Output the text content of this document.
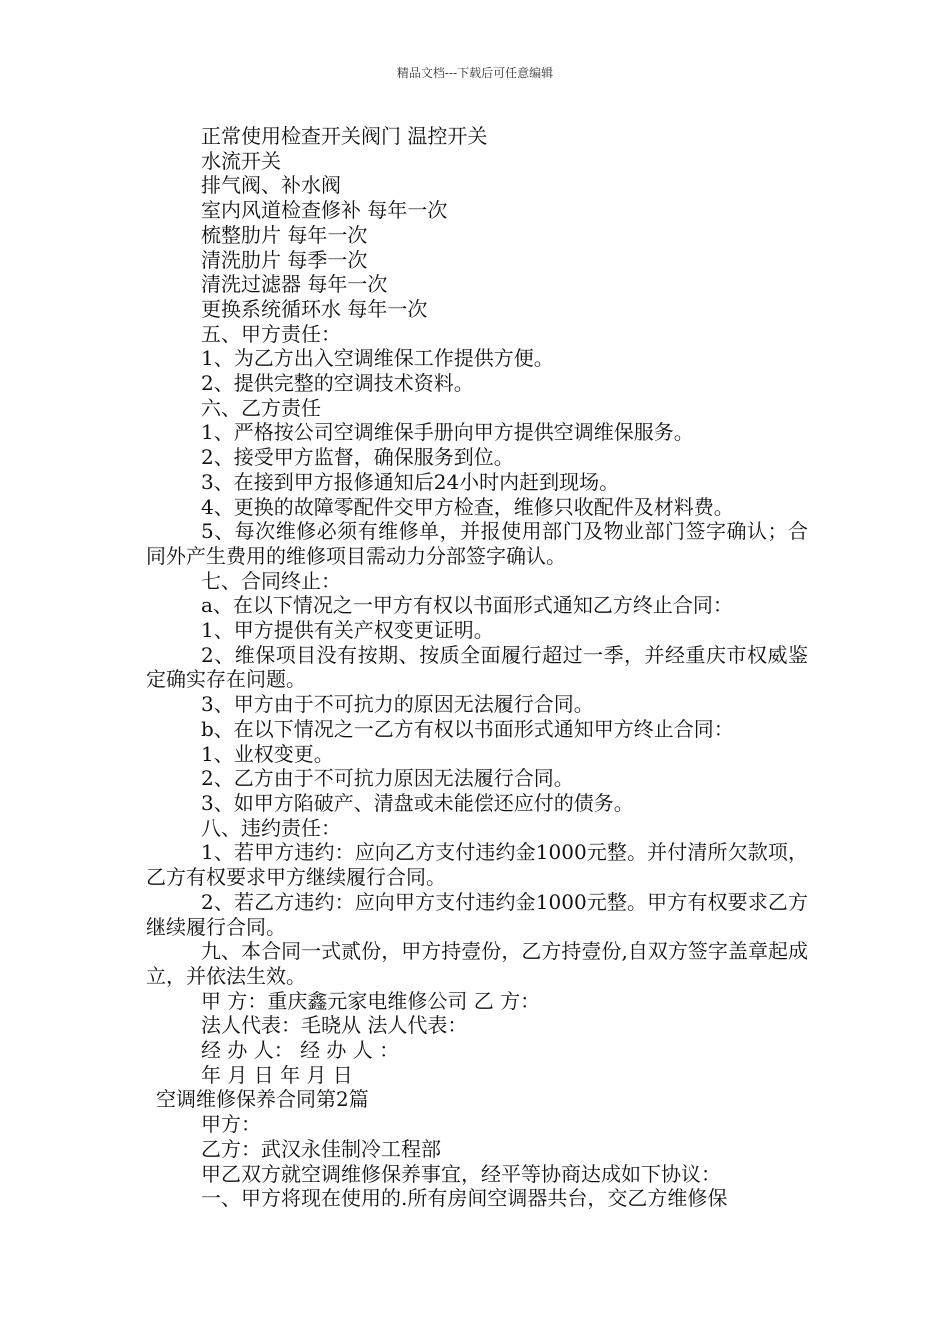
精品文档---下载后可任意编辑

正常使用检查开关阀门 温控开关

水流开关

排气阀、补水阀

室内风道检查修补 每年一次

梳整肋片 每年一次

清洗肋片 每季一次

清洗过滤器 每年一次

更换系统循环水 每年一次

五、甲方责任：

1、为乙方出入空调维保工作提供方便。

2、提供完整的空调技术资料。

六、乙方责任

1、严格按公司空调维保手册向甲方提供空调维保服务。

2、接受甲方监督，确保服务到位。

3、在接到甲方报修通知后24小时内赶到现场。

4、更换的故障零配件交甲方检查，维修只收配件及材料费。

5、每次维修必须有维修单，并报使用部门及物业部门签字确认；合同外产生费用的维修项目需动力分部签字确认。

七、合同终止：

a、在以下情况之一甲方有权以书面形式通知乙方终止合同：

1、甲方提供有关产权变更证明。

2、维保项目没有按期、按质全面履行超过一季，并经重庆市权威鉴定确实存在问题。

3、甲方由于不可抗力的原因无法履行合同。

b、在以下情况之一乙方有权以书面形式通知甲方终止合同：

1、业权变更。

2、乙方由于不可抗力原因无法履行合同。

3、如甲方陷破产、清盘或未能偿还应付的债务。

八、违约责任：

1、若甲方违约：应向乙方支付违约金1000元整。并付清所欠款项，乙方有权要求甲方继续履行合同。

2、若乙方违约：应向甲方支付违约金1000元整。甲方有权要求乙方继续履行合同。

九、本合同一式贰份，甲方持壹份，乙方持壹份,自双方签字盖章起成立，并依法生效。

甲 方：重庆鑫元家电维修公司 乙 方：

法人代表：毛晓从 法人代表：

经 办 人： 经 办 人 ：

年 月 日 年 月 日

空调维修保养合同第2篇

甲方：

乙方：武汉永佳制冷工程部

甲乙双方就空调维修保养事宜，经平等协商达成如下协议：

一、甲方将现在使用的.所有房间空调器共台，交乙方维修保
